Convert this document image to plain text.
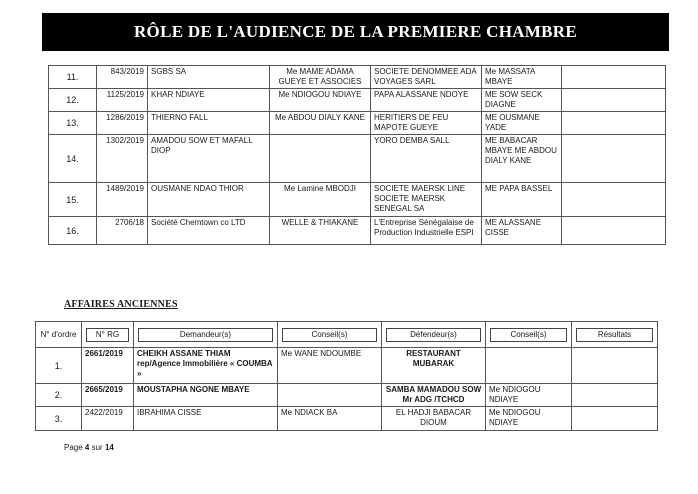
RÔLE DE L'AUDIENCE DE LA PREMIERE CHAMBRE
11.	843/2019	SGBS SA	Me MAME ADAMA GUEYE ET ASSOCIES	SOCIETE DENOMMEE ADA VOYAGES SARL	Me MASSATA MBAYE	
12.	1125/2019	KHAR NDIAYE	Me NDIOGOU NDIAYE	PAPA ALASSANE NDOYE	ME SOW SECK DIAGNE	
13.	1286/2019	THIERNO FALL	Me ABDOU DIALY KANE	HERITIERS DE FEU MAPOTE GUEYE	ME OUSMANE YADE	
14.	1302/2019	AMADOU SOW ET MAFALL DIOP		YORO DEMBA SALL	ME BABACAR MBAYE ME ABDOU DIALY KANE	
15.	1489/2019	OUSMANE NDAO THIOR	Me Lamine MBODJI	SOCIETE MAERSK LINE SOCIETE MAERSK SENEGAL SA	ME PAPA BASSEL	
16.	2706/18	Société Chemtown co LTD	WELLE & THIAKANE	L'Entreprise Sénégalaise de Production Industrielle ESPI	ME ALASSANE CISSE	
AFFAIRES ANCIENNES
N° d'ordre	N° RG	Demandeur(s)	Conseil(s)	Défendeur(s)	Conseil(s)	Résultats

1.	2661/2019	CHEIKH ASSANE THIAM rep/Agence Immobilière « COUMBA »	Me WANE NDOUMBE	RESTAURANT MUBARAK		
2.	2665/2019	MOUSTAPHA NGONE MBAYE		SAMBA MAMADOU SOW Mr ADG /TCHCD	Me NDIOGOU NDIAYE	
3.	2422/2019	IBRAHIMA CISSE	Me NDIACK BA	EL HADJI BABACAR DIOUM	Me NDIOGOU NDIAYE	
Page 4 sur 14
